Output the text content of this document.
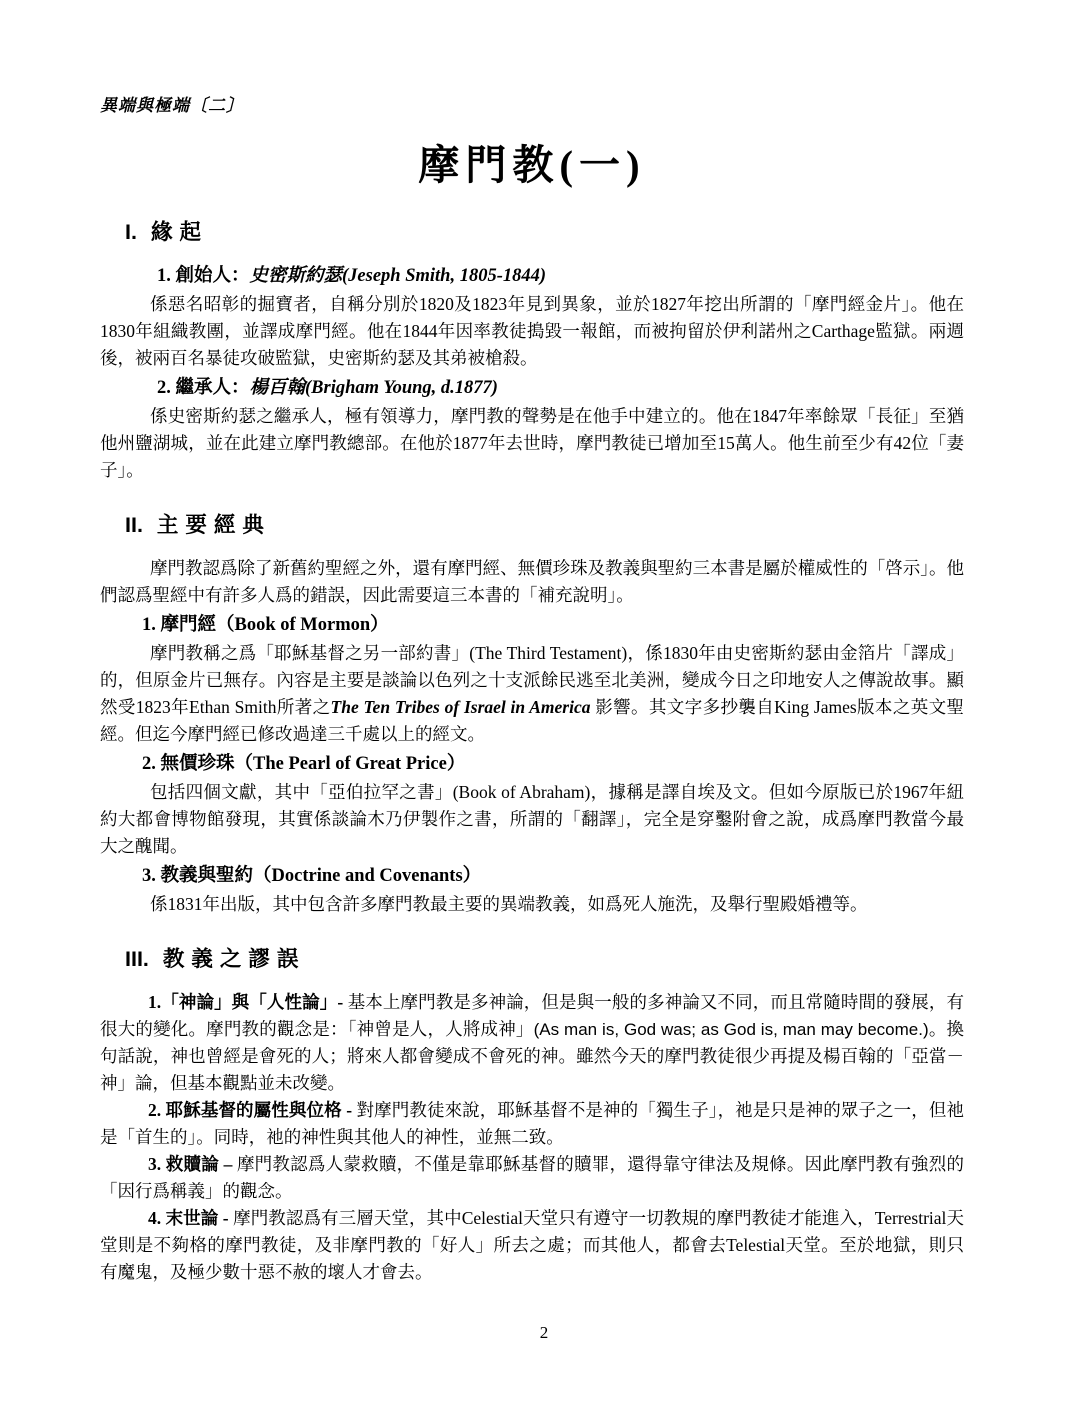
異端與極端〔二〕
摩門教(一)
I. 緣起
1. 創始人：史密斯約瑟(Jeseph Smith, 1805-1844)

係惡名昭彰的掘寶者，自稱分別於1820及1823年見到異象，並於1827年挖出所謂的「摩門經金片」。他在1830年組織教團，並譯成摩門經。他在1844年因率教徒搗毀一報館，而被拘留於伊利諾州之Carthage監獄。兩週後，被兩百名暴徒攻破監獄，史密斯約瑟及其弟被槍殺。

2. 繼承人：楊百翰(Brigham Young, d.1877)

係史密斯約瑟之繼承人，極有領導力，摩門教的聲勢是在他手中建立的。他在1847年率餘眾「長征」至猶他州鹽湖城，並在此建立摩門教總部。在他於1877年去世時，摩門教徒已增加至15萬人。他生前至少有42位「妻子」。

II. 主要經典

摩門教認爲除了新舊約聖經之外，還有摩門經、無價珍珠及教義與聖約三本書是屬於權威性的「啓示」。他們認爲聖經中有許多人爲的錯誤，因此需要這三本書的「補充說明」。

1. 摩門經（Book of Mormon）

摩門教稱之爲「耶穌基督之另一部約書」(The Third Testament)，係1830年由史密斯約瑟由金箔片「譯成」的，但原金片已無存。內容是主要是談論以色列之十支派餘民逃至北美洲，變成今日之印地安人之傳說故事。顯然受1823年Ethan Smith所著之The Ten Tribes of Israel in America 影響。其文字多抄襲自King James版本之英文聖經。但迄今摩門經已修改過達三千處以上的經文。

2. 無價珍珠（The Pearl of Great Price）

包括四個文獻，其中「亞伯拉罕之書」(Book of Abraham)，據稱是譯自埃及文。但如今原版已於1967年紐約大都會博物館發現，其實係談論木乃伊製作之書，所謂的「翻譯」，完全是穿鑿附會之說，成爲摩門教當今最大之醜聞。

3. 教義與聖約（Doctrine and Covenants）

係1831年出版，其中包含許多摩門教最主要的異端教義，如爲死人施洗，及舉行聖殿婚禮等。

III. 教義之謬誤

1.「神論」與「人性論」- 基本上摩門教是多神論，但是與一般的多神論又不同，而且常隨時間的發展，有很大的變化。摩門教的觀念是：「神曾是人，人將成神」(As man is, God was; as God is, man may become.)。換句話說，神也曾經是會死的人；將來人都會變成不會死的神。雖然今天的摩門教徒很少再提及楊百翰的「亞當－神」論，但基本觀點並未改變。

2. 耶穌基督的屬性與位格 - 對摩門教徒來說，耶穌基督不是神的「獨生子」，祂是只是神的眾子之一，但祂是「首生的」。同時，祂的神性與其他人的神性，並無二致。

3. 救贖論 – 摩門教認爲人蒙救贖，不僅是靠耶穌基督的贖罪，還得靠守律法及規條。因此摩門教有強烈的「因行爲稱義」的觀念。

4. 末世論 - 摩門教認爲有三層天堂，其中Celestial天堂只有遵守一切教規的摩門教徒才能進入，Terrestrial天堂則是不夠格的摩門教徒，及非摩門教的「好人」所去之處；而其他人，都會去Telestial天堂。至於地獄，則只有魔鬼，及極少數十惡不赦的壞人才會去。

2
